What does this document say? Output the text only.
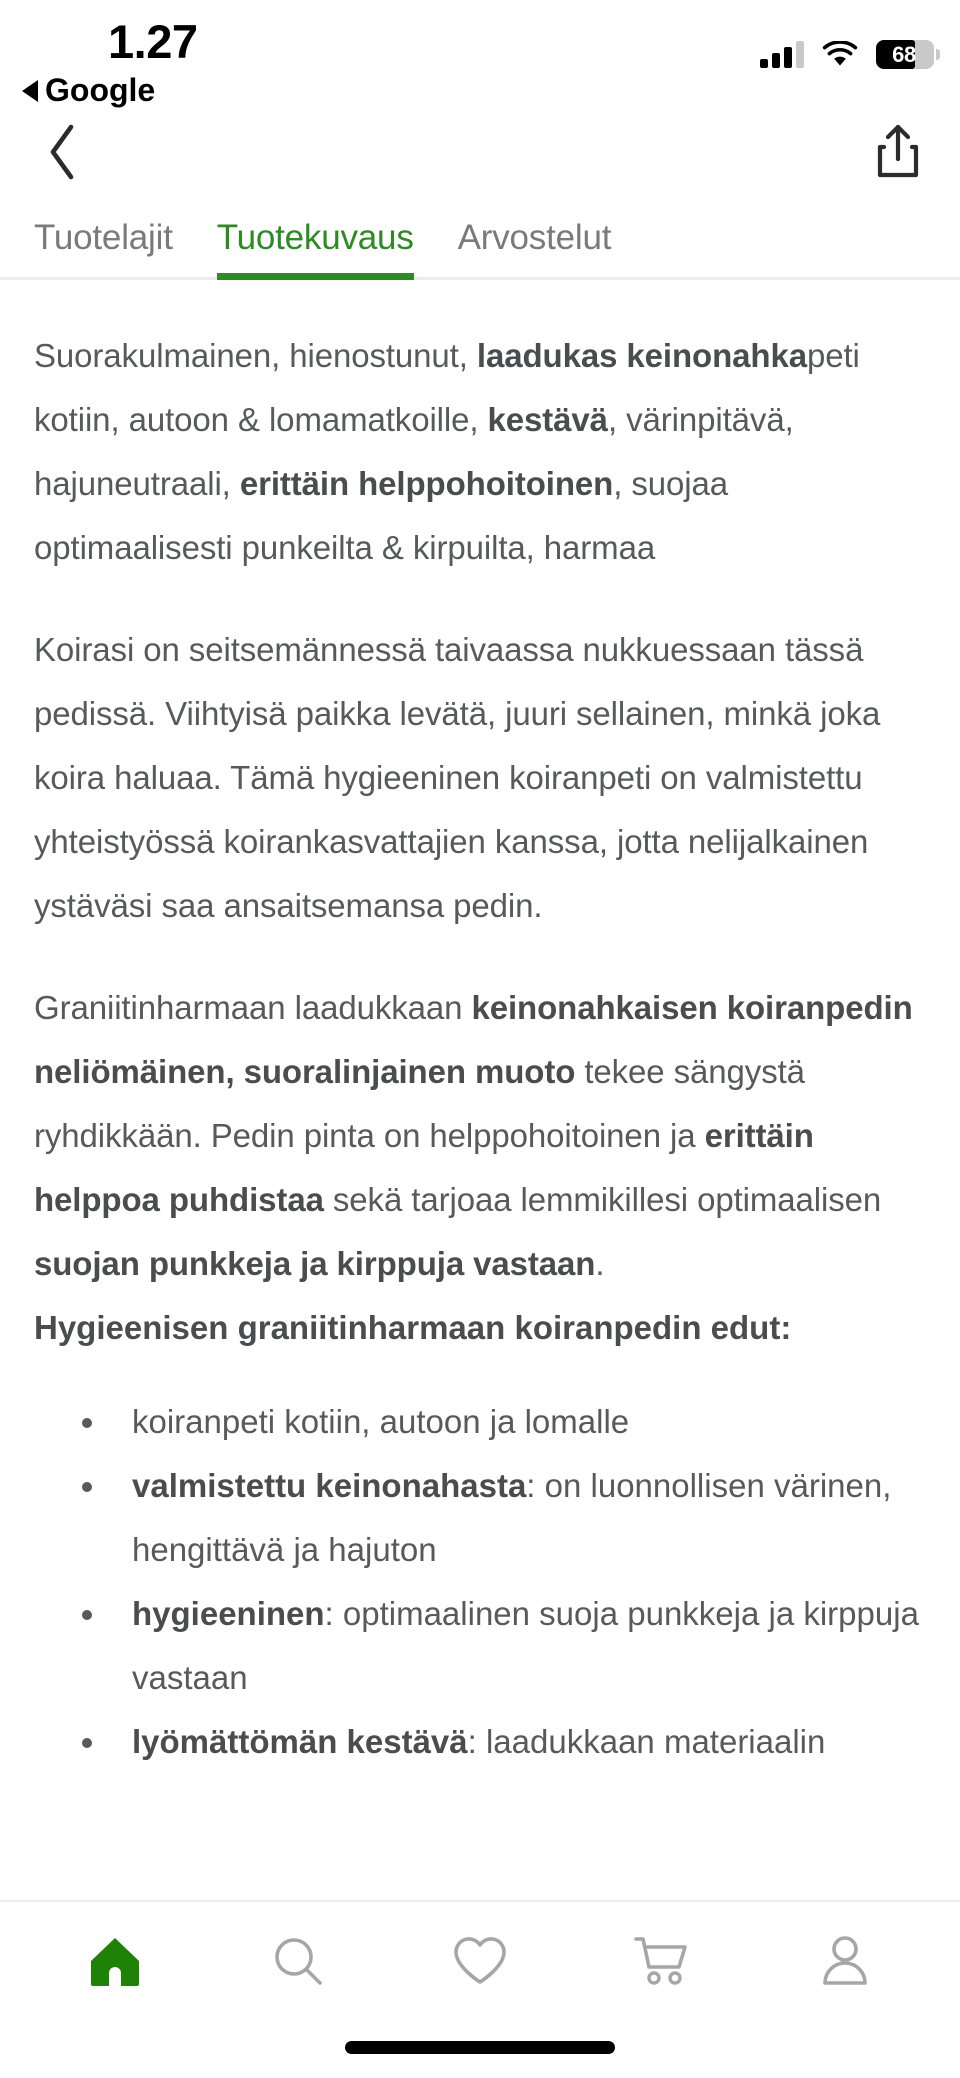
1.27
Google
68
Tuotelajit Tuotekuvaus Arvostelut

Suorakulmainen, hienostunut, laadukas keinonahkapeti kotiin, autoon & lomamatkoille, kestävä, värinpitävä, hajuneutraali, erittäin helppohoitoinen, suojaa optimaalisesti punkeilta & kirpuilta, harmaa

Koirasi on seitsemännessä taivaassa nukkuessaan tässä pedissä. Viihtyisä paikka levätä, juuri sellainen, minkä joka koira haluaa. Tämä hygieeninen koiranpeti on valmistettu yhteistyössä koirankasvattajien kanssa, jotta nelijalkainen ystäväsi saa ansaitsemansa pedin.

Graniitinharmaan laadukkaan keinonahkaisen koiranpedin neliömäinen, suoralinjainen muoto tekee sängystä ryhdikkään. Pedin pinta on helppohoitoinen ja erittäin helppoa puhdistaa sekä tarjoaa lemmikillesi optimaalisen suojan punkkeja ja kirppuja vastaan.

Hygieenisen graniitinharmaan koiranpedin edut:

koiranpeti kotiin, autoon ja lomalle
valmistettu keinonahasta: on luonnollisen värinen, hengittävä ja hajuton
hygieeninen: optimaalinen suoja punkkeja ja kirppuja vastaan
lyömättömän kestävä: laadukkaan materiaalin
